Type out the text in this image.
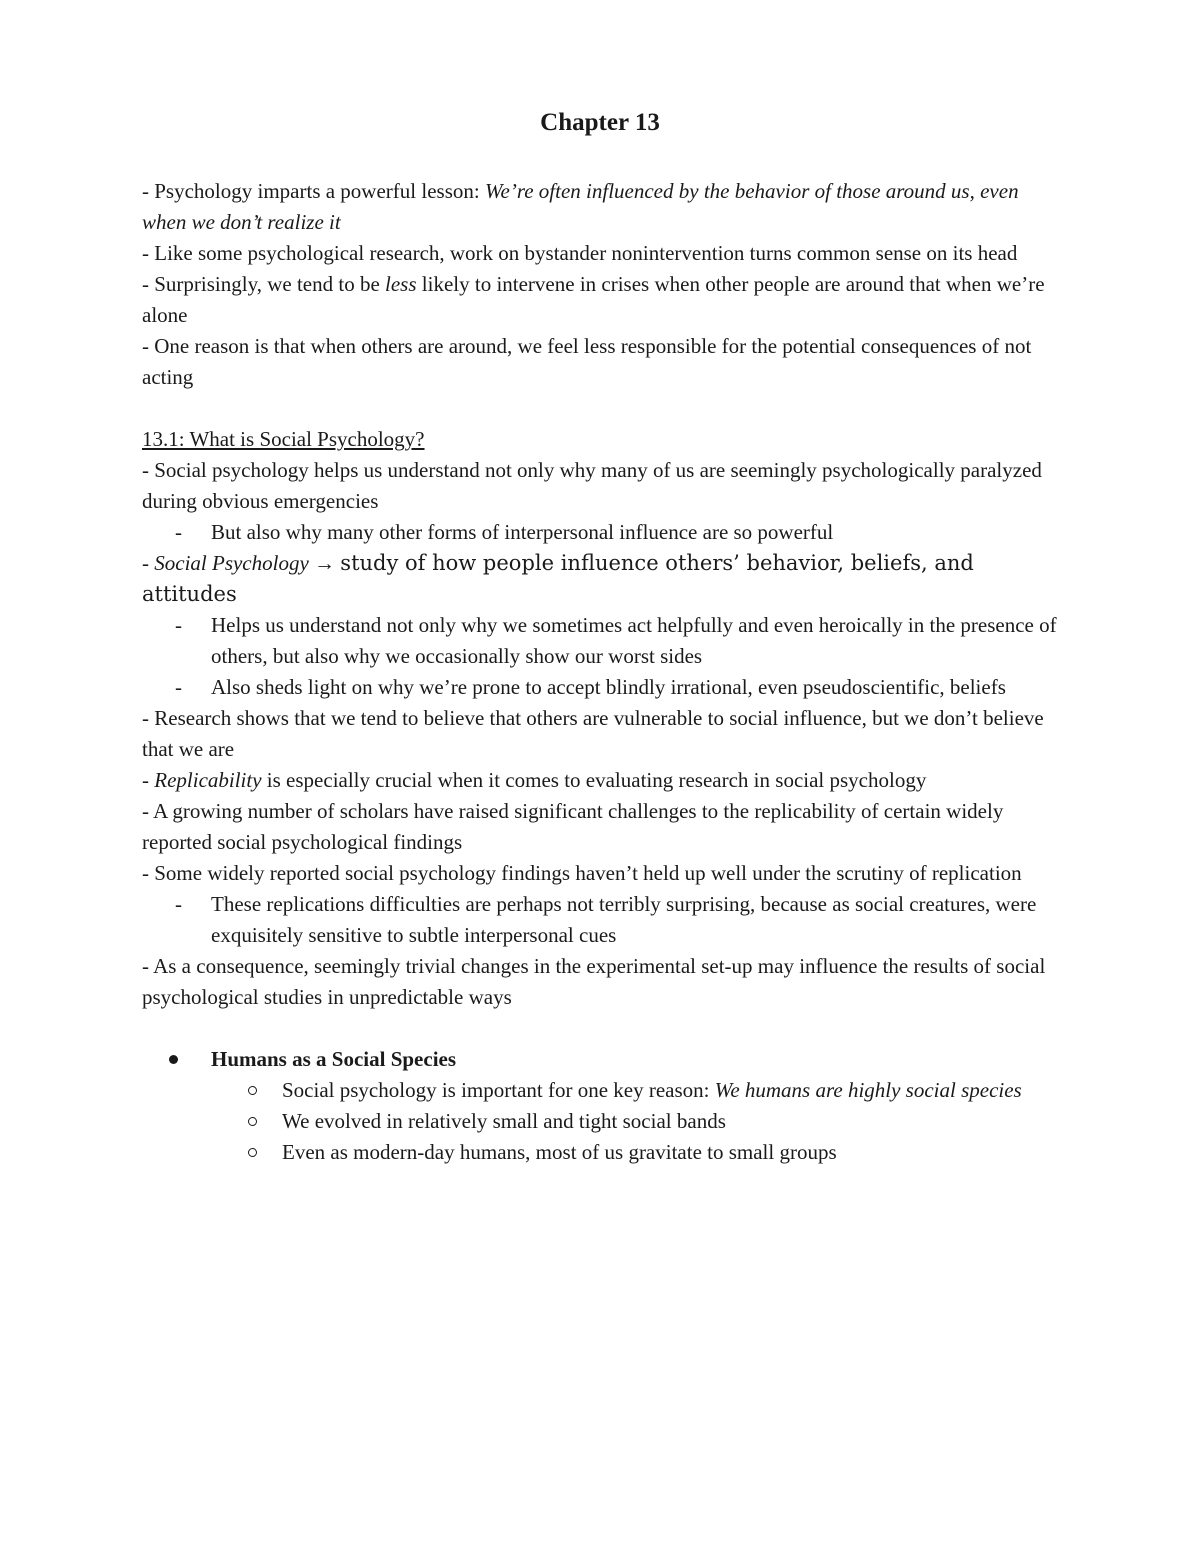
Chapter 13

- Psychology imparts a powerful lesson: We’re often influenced by the behavior of those around us, even when we don’t realize it

- Like some psychological research, work on bystander nonintervention turns common sense on its head

- Surprisingly, we tend to be less likely to intervene in crises when other people are around that when we’re alone

- One reason is that when others are around, we feel less responsible for the potential consequences of not acting

13.1: What is Social Psychology?

- Social psychology helps us understand not only why many of us are seemingly psychologically paralyzed during obvious emergencies

- But also why many other forms of interpersonal influence are so powerful

- Social Psychology → study of how people influence others’ behavior, beliefs, and attitudes

- Helps us understand not only why we sometimes act helpfully and even heroically in the presence of others, but also why we occasionally show our worst sides

- Also sheds light on why we’re prone to accept blindly irrational, even pseudoscientific, beliefs

- Research shows that we tend to believe that others are vulnerable to social influence, but we don’t believe that we are

- Replicability is especially crucial when it comes to evaluating research in social psychology

- A growing number of scholars have raised significant challenges to the replicability of certain widely reported social psychological findings

- Some widely reported social psychology findings haven’t held up well under the scrutiny of replication

- These replications difficulties are perhaps not terribly surprising, because as social creatures, were exquisitely sensitive to subtle interpersonal cues

- As a consequence, seemingly trivial changes in the experimental set-up may influence the results of social psychological studies in unpredictable ways

Humans as a Social Species

Social psychology is important for one key reason: We humans are highly social species

We evolved in relatively small and tight social bands

Even as modern-day humans, most of us gravitate to small groups
